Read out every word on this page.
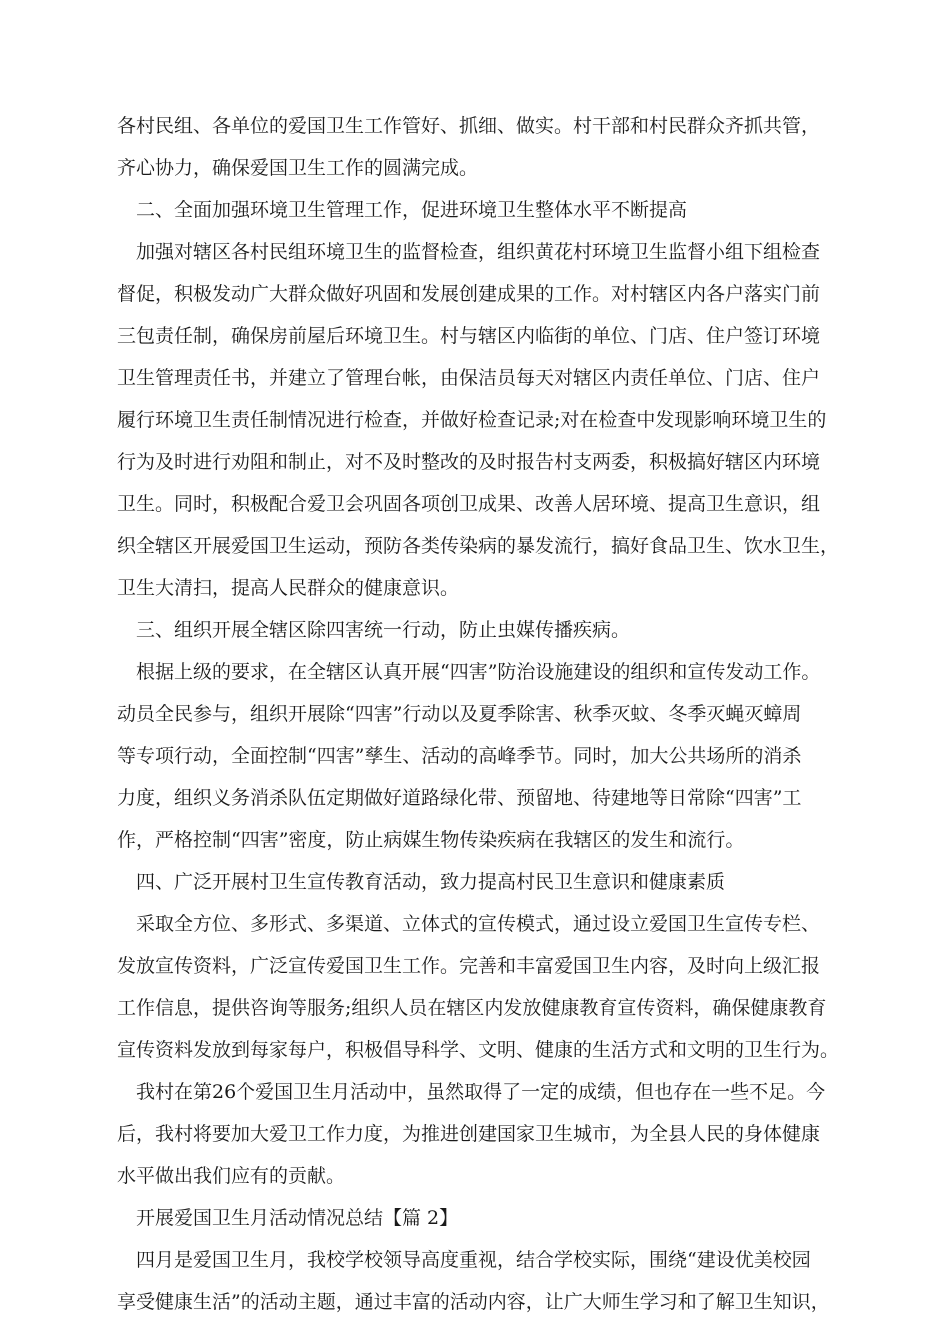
各村民组、各单位的爱国卫生工作管好、抓细、做实。村干部和村民群众齐抓共管，
齐心协力，确保爱国卫生工作的圆满完成。
二、全面加强环境卫生管理工作，促进环境卫生整体水平不断提高
加强对辖区各村民组环境卫生的监督检查，组织黄花村环境卫生监督小组下组检查
督促，积极发动广大群众做好巩固和发展创建成果的工作。对村辖区内各户落实门前
三包责任制，确保房前屋后环境卫生。村与辖区内临街的单位、门店、住户签订环境
卫生管理责任书，并建立了管理台帐，由保洁员每天对辖区内责任单位、门店、住户
履行环境卫生责任制情况进行检查，并做好检查记录;对在检查中发现影响环境卫生的
行为及时进行劝阻和制止，对不及时整改的及时报告村支两委，积极搞好辖区内环境
卫生。同时，积极配合爱卫会巩固各项创卫成果、改善人居环境、提高卫生意识，组
织全辖区开展爱国卫生运动，预防各类传染病的暴发流行，搞好食品卫生、饮水卫生，
卫生大清扫，提高人民群众的健康意识。
三、组织开展全辖区除四害统一行动，防止虫媒传播疾病。
根据上级的要求，在全辖区认真开展“四害”防治设施建设的组织和宣传发动工作。
动员全民参与，组织开展除“四害”行动以及夏季除害、秋季灭蚊、冬季灭蝇灭蟑周
等专项行动，全面控制“四害”孳生、活动的高峰季节。同时，加大公共场所的消杀
力度，组织义务消杀队伍定期做好道路绿化带、预留地、待建地等日常除“四害”工
作，严格控制“四害”密度，防止病媒生物传染疾病在我辖区的发生和流行。
四、广泛开展村卫生宣传教育活动，致力提高村民卫生意识和健康素质
采取全方位、多形式、多渠道、立体式的宣传模式，通过设立爱国卫生宣传专栏、
发放宣传资料，广泛宣传爱国卫生工作。完善和丰富爱国卫生内容，及时向上级汇报
工作信息，提供咨询等服务;组织人员在辖区内发放健康教育宣传资料，确保健康教育
宣传资料发放到每家每户，积极倡导科学、文明、健康的生活方式和文明的卫生行为。
我村在第26个爱国卫生月活动中，虽然取得了一定的成绩，但也存在一些不足。今
后，我村将要加大爱卫工作力度，为推进创建国家卫生城市，为全县人民的身体健康
水平做出我们应有的贡献。
开展爱国卫生月活动情况总结【篇 2】
四月是爱国卫生月，我校学校领导高度重视，结合学校实际，围绕“建设优美校园
享受健康生活”的活动主题，通过丰富的活动内容，让广大师生学习和了解卫生知识，
